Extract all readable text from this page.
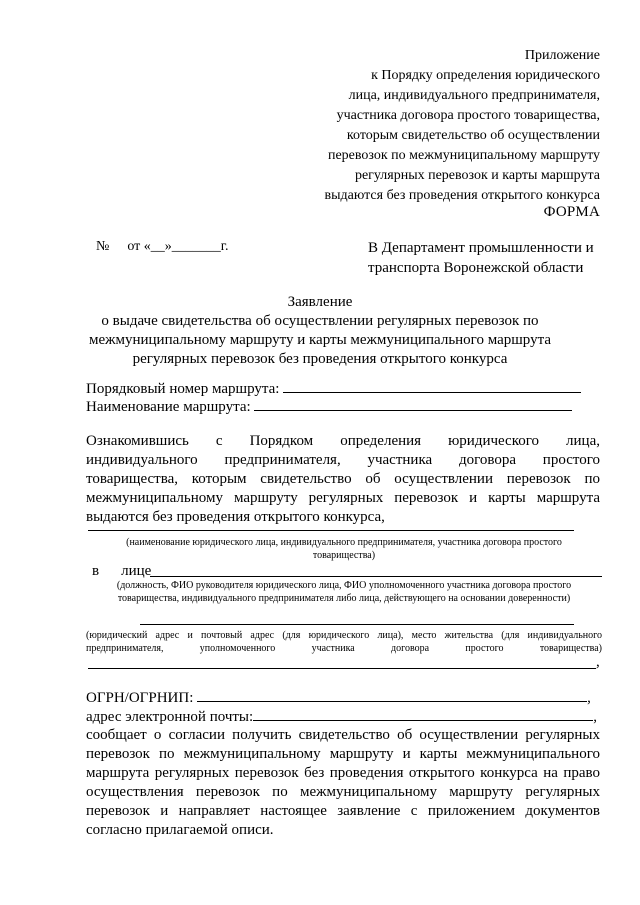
Приложение
к Порядку определения юридического
лица, индивидуального предпринимателя,
участника договора простого товарищества,
которым свидетельство об осуществлении
перевозок по межмуниципальному маршруту
регулярных перевозок и карты маршрута
выдаются без проведения открытого конкурса
ФОРМА
№ от «__»_______г.	В Департамент промышленности и
транспорта Воронежской области
Заявление
о выдаче свидетельства об осуществлении регулярных перевозок по
межмуниципальному маршруту и карты межмуниципального маршрута
регулярных перевозок без проведения открытого конкурса
Порядковый номер маршрута:
Наименование маршрута:
Ознакомившись с Порядком определения юридического лица,
индивидуального предпринимателя, участника договора простого
товарищества, которым свидетельство об осуществлении перевозок по
межмуниципальному маршруту регулярных перевозок и карты маршрута
выдаются без проведения открытого конкурса,
(наименование юридического лица, индивидуального предпринимателя, участника договора простого
товарищества)
в лице
(должность, ФИО руководителя юридического лица, ФИО уполномоченного участника договора простого
товарищества, индивидуального предпринимателя либо лица, действующего на основании доверенности)
(юридический адрес и почтовый адрес (для юридического лица), место жительства (для индивидуального
предпринимателя, уполномоченного участника договора простого товарищества)
,
ОГРН/ОГРНИП:	,
адрес электронной почты:	,
сообщает о согласии получить свидетельство об осуществлении регулярных
перевозок по межмуниципальному маршруту и карты межмуниципального
маршрута регулярных перевозок без проведения открытого конкурса на право
осуществления перевозок по межмуниципальному маршруту регулярных
перевозок и направляет настоящее заявление с приложением документов
согласно прилагаемой описи.
